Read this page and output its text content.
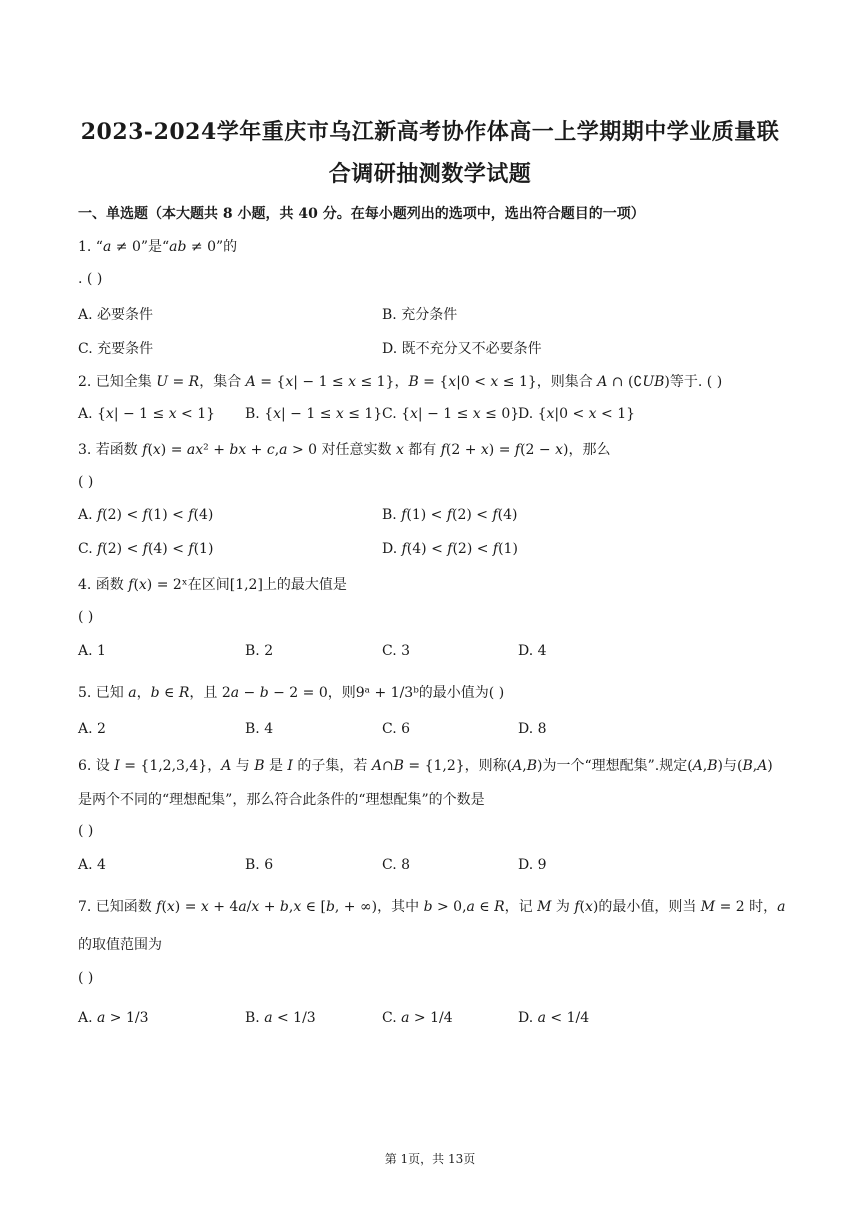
2023-2024学年重庆市乌江新高考协作体高一上学期期中学业质量联
合调研抽测数学试题
一、单选题（本大题共 8 小题，共 40 分。在每小题列出的选项中，选出符合题目的一项）
1. “𝑎 ≠ 0”是“𝑎𝑏 ≠ 0”的
. ( )
A. 必要条件	B. 充分条件
C. 充要条件	D. 既不充分又不必要条件
2. 已知全集 𝑈 = 𝑅，集合 𝐴 = {𝑥| − 1 ≤ 𝑥 ≤ 1}，𝐵 = {𝑥|0 < 𝑥 ≤ 1}，则集合 𝐴 ∩ (∁𝑈𝐵)等于. ( )
A. {𝑥| − 1 ≤ 𝑥 < 1} B. {𝑥| − 1 ≤ 𝑥 ≤ 1} C. {𝑥| − 1 ≤ 𝑥 ≤ 0}
D. {𝑥|0 < 𝑥 < 1}
3. 若函数 𝑓(𝑥) = 𝑎𝑥² + 𝑏𝑥 + 𝑐,𝑎 > 0 对任意实数 𝑥 都有 𝑓(2 + 𝑥) = 𝑓(2 − 𝑥)，那么
( )
A. 𝑓(2) < 𝑓(1) < 𝑓(4)	B. 𝑓(1) < 𝑓(2) < 𝑓(4)
C. 𝑓(2) < 𝑓(4) < 𝑓(1)	D. 𝑓(4) < 𝑓(2) < 𝑓(1)
4. 函数 𝑓(𝑥) = 2ˣ在区间[1,2]上的最大值是
( )
A. 1	B. 2	C. 3	D. 4
5. 已知 𝑎，𝑏 ∈ 𝑅，且 2𝑎 − 𝑏 − 2 = 0，则9ᵃ + 1/3ᵇ的最小值为( )
A. 2	B. 4	C. 6	D. 8
6. 设 𝐼 = {1,2,3,4}，𝐴 与 𝐵 是 𝐼 的子集，若 𝐴∩𝐵 = {1,2}，则称(𝐴,𝐵)为一个“理想配集”.规定(𝐴,𝐵)与(𝐵,𝐴)
是两个不同的“理想配集”，那么符合此条件的“理想配集”的个数是
( )
A. 4	B. 6	C. 8	D. 9
7. 已知函数 𝑓(𝑥) = 𝑥 + 4𝑎/𝑥 + 𝑏,𝑥 ∈ [𝑏, + ∞)，其中 𝑏 > 0,𝑎 ∈ 𝑅，记 𝑀 为 𝑓(𝑥)的最小值，则当 𝑀 = 2 时，𝑎
的取值范围为
( )
A. 𝑎 > 1/3	B. 𝑎 < 1/3	C. 𝑎 > 1/4	D. 𝑎 < 1/4
第 1页，共 13页
